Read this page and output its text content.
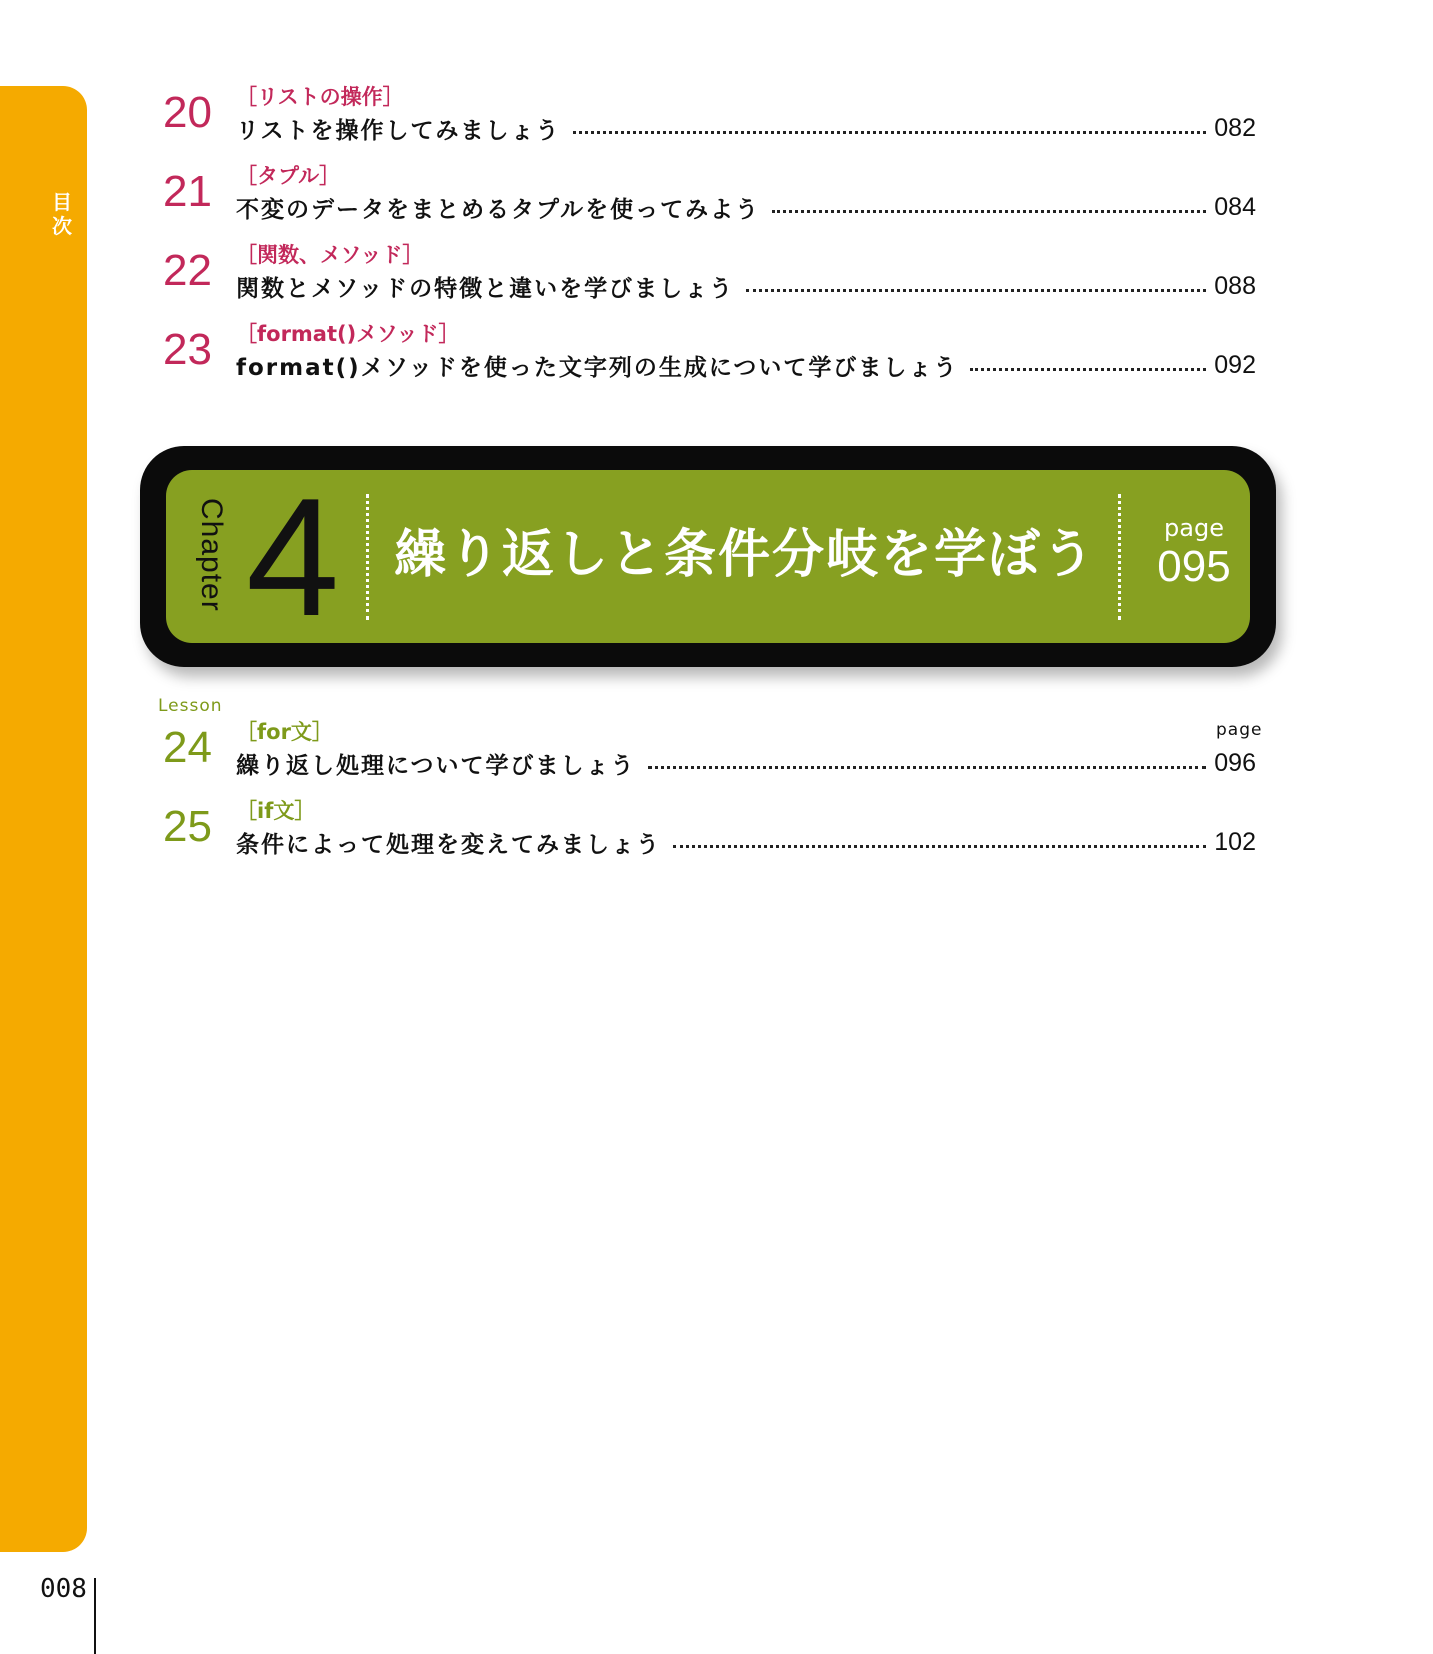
目次
20 ［リストの操作］
リストを操作してみましょう	082
21 ［タプル］
不変のデータをまとめるタプルを使ってみよう	084
22 ［関数、メソッド］
関数とメソッドの特徴と違いを学びましょう	088
23 ［format()メソッド］
format()メソッドを使った文字列の生成について学びましょう	092
Chapter 4 繰り返しと条件分岐を学ぼう	page
095
Lesson
page
24 ［for文］
繰り返し処理について学びましょう	096
25 ［if文］
条件によって処理を変えてみましょう	102
008
